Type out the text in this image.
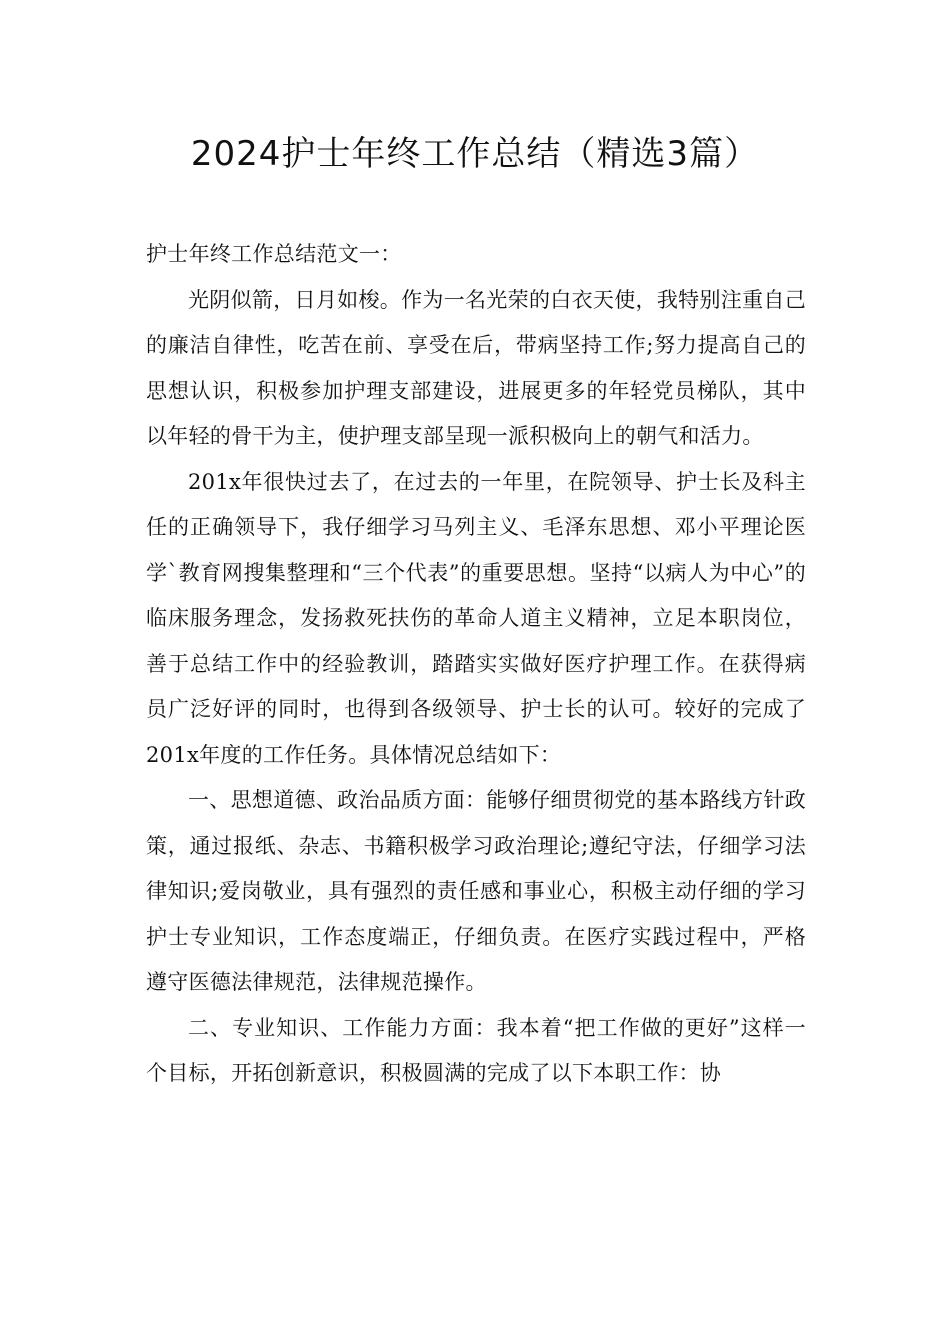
2024护士年终工作总结（精选3篇）

护士年终工作总结范文一：

光阴似箭，日月如梭。作为一名光荣的白衣天使，我特别注重自己的廉洁自律性，吃苦在前、享受在后，带病坚持工作;努力提高自己的思想认识，积极参加护理支部建设，进展更多的年轻党员梯队，其中以年轻的骨干为主，使护理支部呈现一派积极向上的朝气和活力。

201x年很快过去了，在过去的一年里，在院领导、护士长及科主任的正确领导下，我仔细学习马列主义、毛泽东思想、邓小平理论医学`教育网搜集整理和“三个代表”的重要思想。坚持“以病人为中心”的临床服务理念，发扬救死扶伤的革命人道主义精神，立足本职岗位，善于总结工作中的经验教训，踏踏实实做好医疗护理工作。在获得病员广泛好评的同时，也得到各级领导、护士长的认可。较好的完成了201x年度的工作任务。具体情况总结如下：

一、思想道德、政治品质方面：能够仔细贯彻党的基本路线方针政策，通过报纸、杂志、书籍积极学习政治理论;遵纪守法，仔细学习法律知识;爱岗敬业，具有强烈的责任感和事业心，积极主动仔细的学习护士专业知识，工作态度端正，仔细负责。在医疗实践过程中，严格遵守医德法律规范，法律规范操作。

二、专业知识、工作能力方面：我本着“把工作做的更好”这样一个目标，开拓创新意识，积极圆满的完成了以下本职工作：协
